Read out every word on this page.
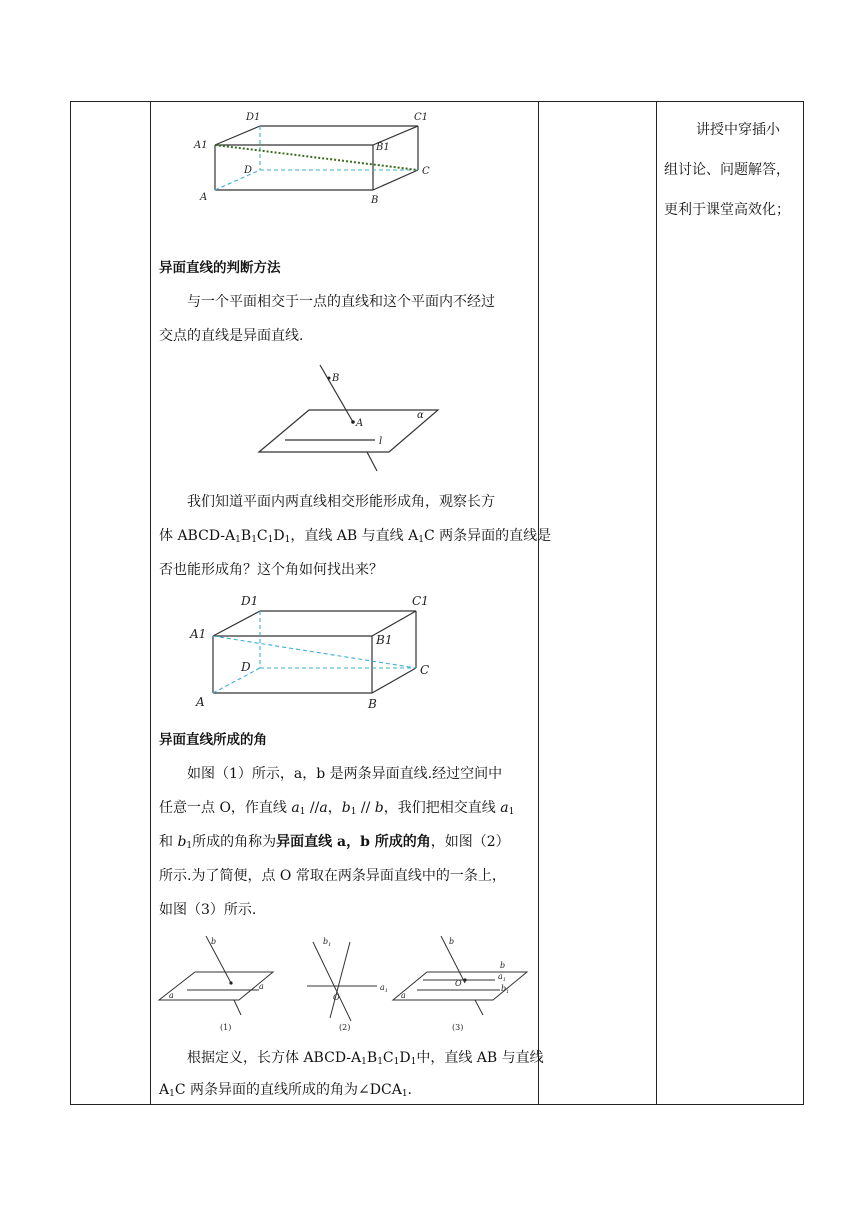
讲授中穿插小
组讨论、问题解答，
更利于课堂高效化；
D1	C1
A1	B1
D	C
A	B
异面直线的判断方法
与一个平面相交于一点的直线和这个平面内不经过
交点的直线是异面直线.
B
A
α
l
我们知道平面内两直线相交形能形成角，观察长方
体 ABCD-$A_1B_1C_1D_1$，直线 AB 与直线 $A_1C$ 两条异面的直线是
否也能形成角？这个角如何找出来？
D1	C1
A1	B1
D	C
A	B
异面直线所成的角
如图（1）所示，a，b 是两条异面直线.经过空间中
任意一点 O，作直线 $a_1$ //a，$b_1$ // b，我们把相交直线 $a_1$
和 $b_1$所成的角称为异面直线 a，b 所成的角，如图（2）
所示.为了简便，点 O 常取在两条异面直线中的一条上，
如图（3）所示.
b
a
a
$b_1$
O
$a_1$
b
O
$a_1$
$b_1$
a
b
(1)	(2)	(3)
根据定义，长方体 ABCD-$A_1B_1C_1D_1$中，直线 AB 与直线
$A_1C$ 两条异面的直线所成的角为$\angle DCA_1$.
